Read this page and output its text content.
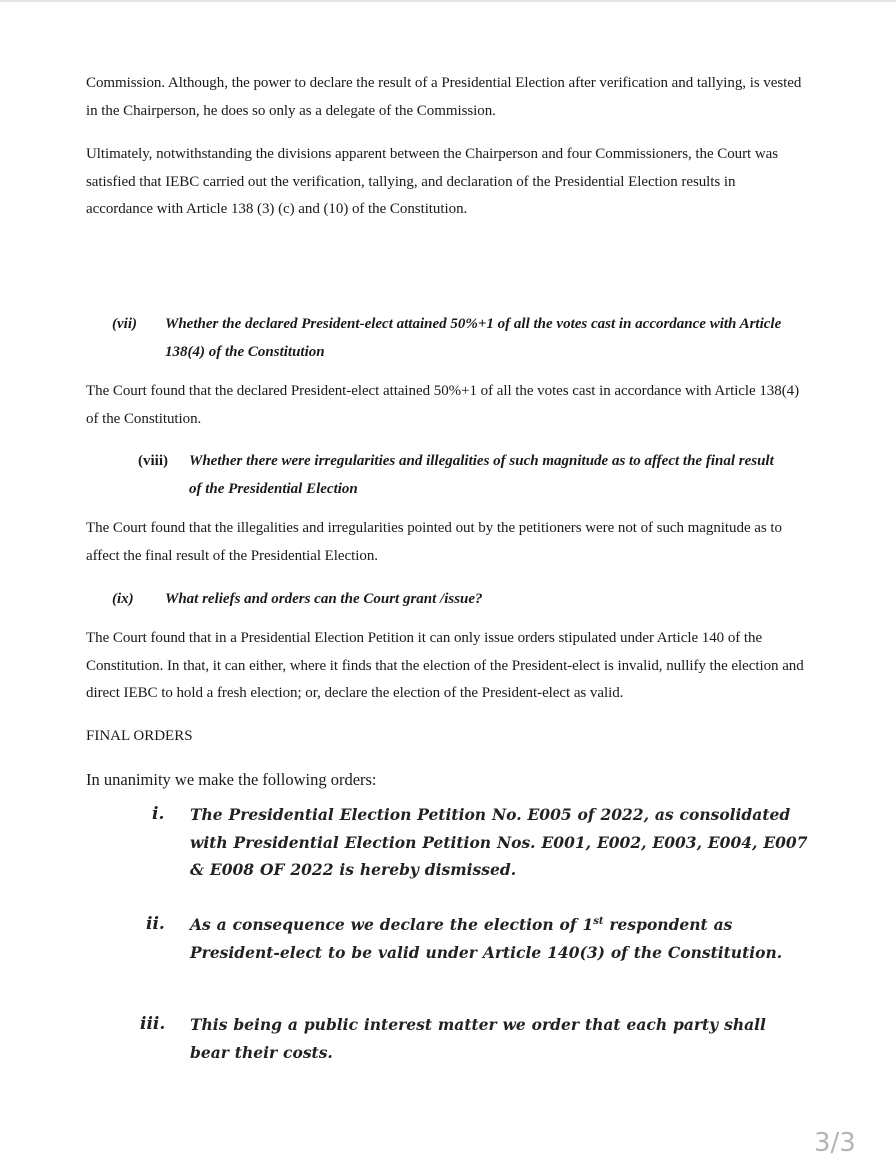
Commission. Although, the power to declare the result of a Presidential Election after verification and tallying, is vested in the Chairperson, he does so only as a delegate of the Commission.

Ultimately, notwithstanding the divisions apparent between the Chairperson and four Commissioners, the Court was satisfied that IEBC carried out the verification, tallying, and declaration of the Presidential Election results in accordance with Article 138 (3) (c) and (10) of the Constitution.

(vii) Whether the declared President-elect attained 50%+1 of all the votes cast in accordance with Article 138(4) of the Constitution

The Court found that the declared President-elect attained 50%+1 of all the votes cast in accordance with Article 138(4) of the Constitution.

(viii) Whether there were irregularities and illegalities of such magnitude as to affect the final result of the Presidential Election

The Court found that the illegalities and irregularities pointed out by the petitioners were not of such magnitude as to affect the final result of the Presidential Election.

(ix) What reliefs and orders can the Court grant /issue?

The Court found that in a Presidential Election Petition it can only issue orders stipulated under Article 140 of the Constitution. In that, it can either, where it finds that the election of the President-elect is invalid, nullify the election and direct IEBC to hold a fresh election; or, declare the election of the President-elect as valid.

FINAL ORDERS

In unanimity we make the following orders:

i. The Presidential Election Petition No. E005 of 2022, as consolidated with Presidential Election Petition Nos. E001, E002, E003, E004, E007 & E008 OF 2022 is hereby dismissed.

ii. As a consequence we declare the election of 1st respondent as President-elect to be valid under Article 140(3) of the Constitution.

iii. This being a public interest matter we order that each party shall bear their costs.

3/3
